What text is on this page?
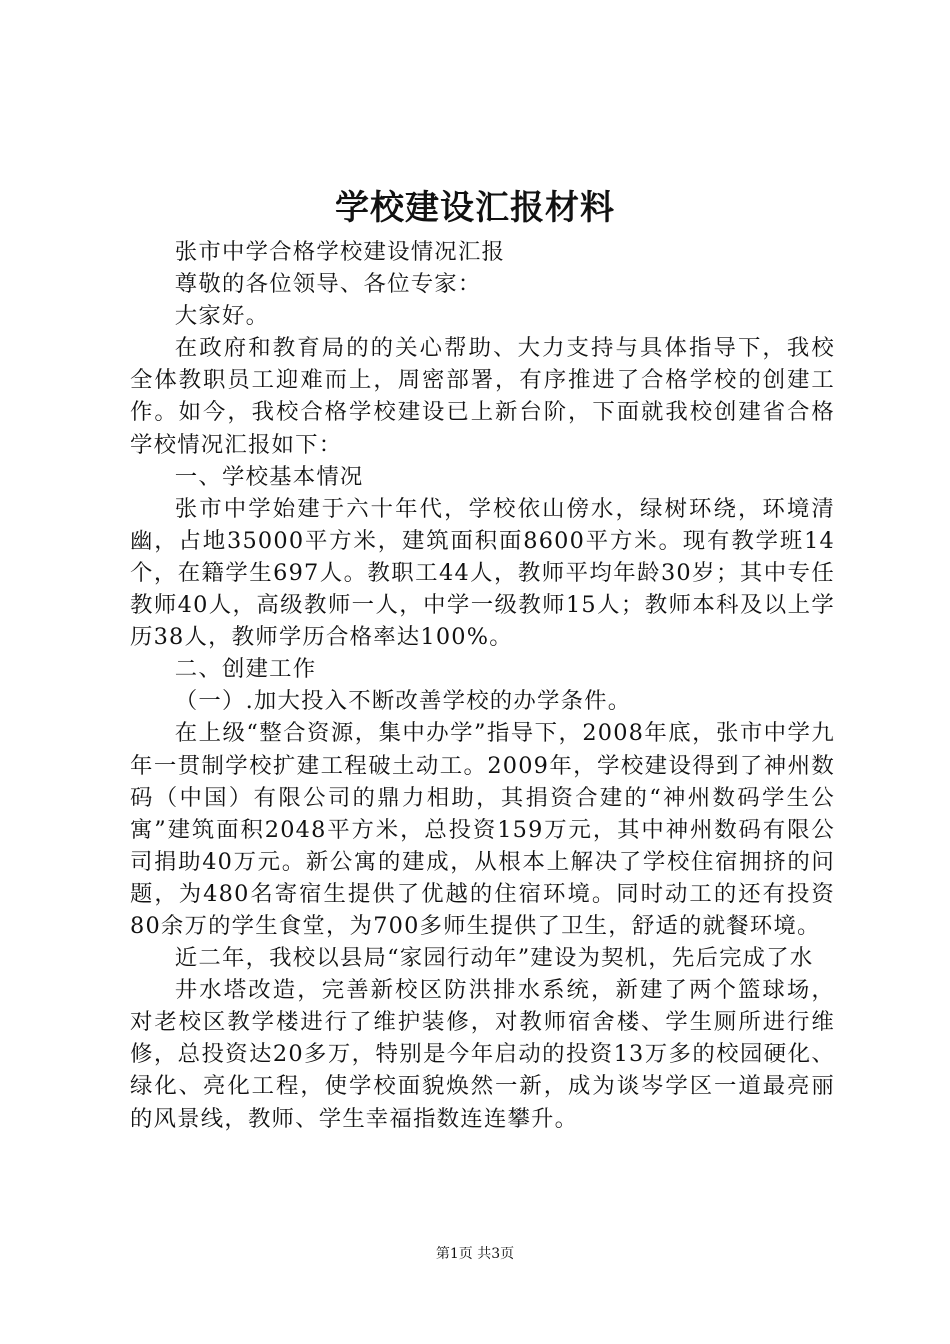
学校建设汇报材料

张市中学合格学校建设情况汇报

尊敬的各位领导、各位专家：

大家好。

在政府和教育局的的关心帮助、大力支持与具体指导下，我校全体教职员工迎难而上，周密部署，有序推进了合格学校的创建工作。如今，我校合格学校建设已上新台阶，下面就我校创建省合格学校情况汇报如下：

一、学校基本情况

张市中学始建于六十年代，学校依山傍水，绿树环绕，环境清幽，占地35000平方米，建筑面积面8600平方米。现有教学班14个，在籍学生697人。教职工44人，教师平均年龄30岁；其中专任教师40人，高级教师一人，中学一级教师15人；教师本科及以上学历38人，教师学历合格率达100%。

二、创建工作

（一）.加大投入不断改善学校的办学条件。

在上级“整合资源，集中办学”指导下，2008年底，张市中学九年一贯制学校扩建工程破土动工。2009年，学校建设得到了神州数码（中国）有限公司的鼎力相助，其捐资合建的“神州数码学生公寓”建筑面积2048平方米，总投资159万元，其中神州数码有限公司捐助40万元。新公寓的建成，从根本上解决了学校住宿拥挤的问题，为480名寄宿生提供了优越的住宿环境。同时动工的还有投资80余万的学生食堂，为700多师生提供了卫生，舒适的就餐环境。

近二年，我校以县局“家园行动年”建设为契机，先后完成了水

井水塔改造，完善新校区防洪排水系统，新建了两个篮球场，对老校区教学楼进行了维护装修，对教师宿舍楼、学生厕所进行维修，总投资达20多万，特别是今年启动的投资13万多的校园硬化、绿化、亮化工程，使学校面貌焕然一新，成为谈岑学区一道最亮丽的风景线，教师、学生幸福指数连连攀升。

第1页 共3页
